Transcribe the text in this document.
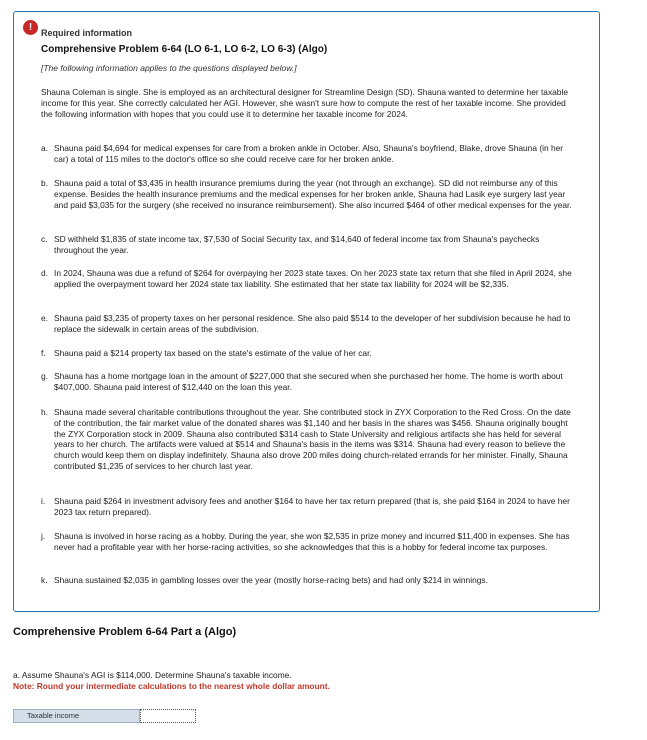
! Required information
Comprehensive Problem 6-64 (LO 6-1, LO 6-2, LO 6-3) (Algo)
[The following information applies to the questions displayed below.]
Shauna Coleman is single. She is employed as an architectural designer for Streamline Design (SD). Shauna wanted to determine her taxable income for this year. She correctly calculated her AGI. However, she wasn't sure how to compute the rest of her taxable income. She provided the following information with hopes that you could use it to determine her taxable income for 2024.
a. Shauna paid $4,694 for medical expenses for care from a broken ankle in October. Also, Shauna's boyfriend, Blake, drove Shauna (in her car) a total of 115 miles to the doctor's office so she could receive care for her broken ankle.
b. Shauna paid a total of $3,435 in health insurance premiums during the year (not through an exchange). SD did not reimburse any of this expense. Besides the health insurance premiums and the medical expenses for her broken ankle, Shauna had Lasik eye surgery last year and paid $3,035 for the surgery (she received no insurance reimbursement). She also incurred $464 of other medical expenses for the year.
c. SD withheld $1,835 of state income tax, $7,530 of Social Security tax, and $14,640 of federal income tax from Shauna's paychecks throughout the year.
d. In 2024, Shauna was due a refund of $264 for overpaying her 2023 state taxes. On her 2023 state tax return that she filed in April 2024, she applied the overpayment toward her 2024 state tax liability. She estimated that her state tax liability for 2024 will be $2,335.
e. Shauna paid $3,235 of property taxes on her personal residence. She also paid $514 to the developer of her subdivision because he had to replace the sidewalk in certain areas of the subdivision.
f. Shauna paid a $214 property tax based on the state's estimate of the value of her car.
g. Shauna has a home mortgage loan in the amount of $227,000 that she secured when she purchased her home. The home is worth about $407,000. Shauna paid interest of $12,440 on the loan this year.
h. Shauna made several charitable contributions throughout the year. She contributed stock in ZYX Corporation to the Red Cross. On the date of the contribution, the fair market value of the donated shares was $1,140 and her basis in the shares was $456. Shauna originally bought the ZYX Corporation stock in 2009. Shauna also contributed $314 cash to State University and religious artifacts she has held for several years to her church. The artifacts were valued at $514 and Shauna's basis in the items was $314. Shauna had every reason to believe the church would keep them on display indefinitely. Shauna also drove 200 miles doing church-related errands for her minister. Finally, Shauna contributed $1,235 of services to her church last year.
i. Shauna paid $264 in investment advisory fees and another $164 to have her tax return prepared (that is, she paid $164 in 2024 to have her 2023 tax return prepared).
j. Shauna is involved in horse racing as a hobby. During the year, she won $2,535 in prize money and incurred $11,400 in expenses. She has never had a profitable year with her horse-racing activities, so she acknowledges that this is a hobby for federal income tax purposes.
k. Shauna sustained $2,035 in gambling losses over the year (mostly horse-racing bets) and had only $214 in winnings.
Comprehensive Problem 6-64 Part a (Algo)
a. Assume Shauna's AGI is $114,000. Determine Shauna's taxable income.
Note: Round your intermediate calculations to the nearest whole dollar amount.
Taxable income
